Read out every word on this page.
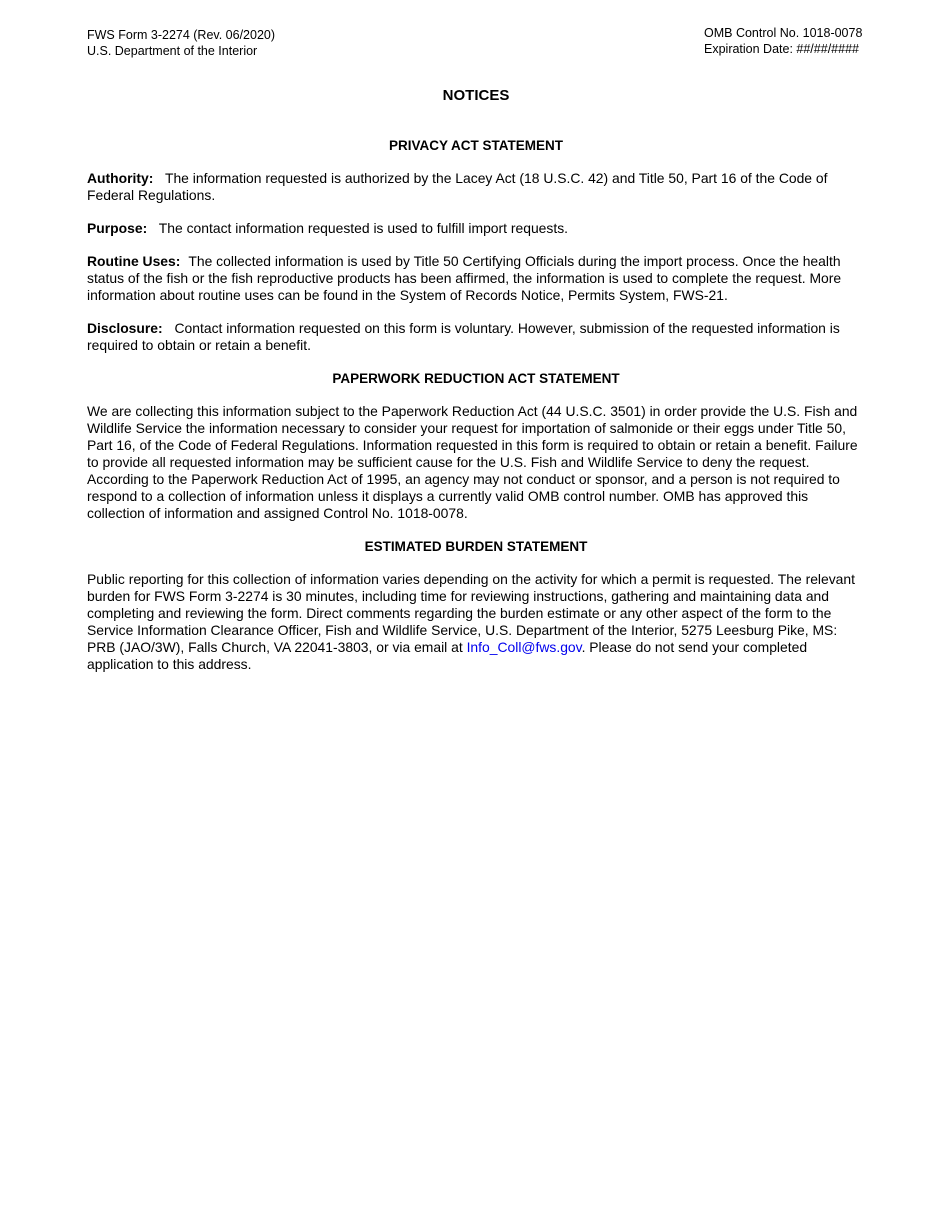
FWS Form 3-2274 (Rev. 06/2020)
U.S. Department of the Interior
OMB Control No. 1018-0078
Expiration Date: ##/##/####
NOTICES
PRIVACY ACT STATEMENT

Authority: The information requested is authorized by the Lacey Act (18 U.S.C. 42) and Title 50, Part 16 of the Code of Federal Regulations.

Purpose: The contact information requested is used to fulfill import requests.

Routine Uses: The collected information is used by Title 50 Certifying Officials during the import process. Once the health status of the fish or the fish reproductive products has been affirmed, the information is used to complete the request. More information about routine uses can be found in the System of Records Notice, Permits System, FWS-21.

Disclosure: Contact information requested on this form is voluntary. However, submission of the requested information is required to obtain or retain a benefit.

PAPERWORK REDUCTION ACT STATEMENT

We are collecting this information subject to the Paperwork Reduction Act (44 U.S.C. 3501) in order provide the U.S. Fish and Wildlife Service the information necessary to consider your request for importation of salmonide or their eggs under Title 50, Part 16, of the Code of Federal Regulations. Information requested in this form is required to obtain or retain a benefit. Failure to provide all requested information may be sufficient cause for the U.S. Fish and Wildlife Service to deny the request. According to the Paperwork Reduction Act of 1995, an agency may not conduct or sponsor, and a person is not required to respond to a collection of information unless it displays a currently valid OMB control number. OMB has approved this collection of information and assigned Control No. 1018-0078.

ESTIMATED BURDEN STATEMENT

Public reporting for this collection of information varies depending on the activity for which a permit is requested. The relevant burden for FWS Form 3-2274 is 30 minutes, including time for reviewing instructions, gathering and maintaining data and completing and reviewing the form. Direct comments regarding the burden estimate or any other aspect of the form to the Service Information Clearance Officer, Fish and Wildlife Service, U.S. Department of the Interior, 5275 Leesburg Pike, MS: PRB (JAO/3W), Falls Church, VA 22041-3803, or via email at Info_Coll@fws.gov. Please do not send your completed application to this address.
